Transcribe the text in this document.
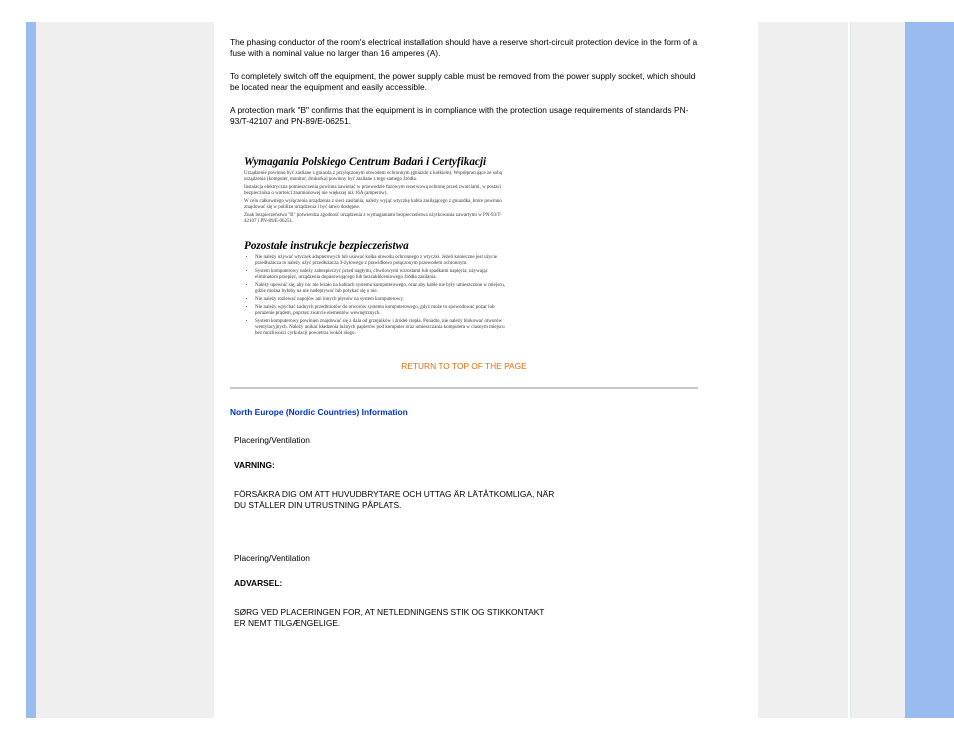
The phasing conductor of the room's electrical installation should have a reserve short-circuit protection device in the form of a fuse with a nominal value no larger than 16 amperes (A).

To completely switch off the equipment, the power supply cable must be removed from the power supply socket, which should be located near the equipment and easily accessible.

A protection mark "B" confirms that the equipment is in compliance with the protection usage requirements of standards PN-93/T-42107 and PN-89/E-06251.

Wymagania Polskiego Centrum Badań i Certyfikacji

Urządzenie powinno być zasilane z gniazda z przyłączonym obwodem ochronnym (gniazdo z kołkiem). Współpracujące ze sobą urządzenia (komputer, monitor, drukarka) powinny być zasilane z tego samego źródła.

Instalacja elektryczna pomieszczenia powinna zawierać w przewodzie fazowym rezerwową ochronę przed zwarciami, w postaci bezpiecznika o wartości znamionowej nie większej niż 16A (amperów).

W celu całkowitego wyłączenia urządzenia z sieci zasilania, należy wyjąć wtyczkę kabla zasilającego z gniazdka, które powinno znajdować się w pobliżu urządzenia i być łatwo dostępne.

Znak bezpieczeństwa "B" potwierdza zgodność urządzenia z wymaganiami bezpieczeństwa użytkowania zawartymi w PN-93/T-42107 i PN-89/E-06251.

Pozostałe instrukcje bezpieczeństwa
• Nie należy używać wtyczek adapterowych lub usuwać kołka obwodu ochronnego z wtyczki. Jeżeli konieczne jest użycie przedłużacza to należy użyć przedłużacza 3-żyłowego z prawidłowo połączonym przewodem ochronnym.
• System komputerowy należy zabezpieczyć przed nagłymi, chwilowymi wzrostami lub spadkami napięcia, używając eliminatora przepięć, urządzenia dopasowującego lub bezzakłóceniowego źródła zasilania.
• Należy upewnić się, aby nic nie leżało na kablach systemu komputerowego, oraz aby kable nie były umieszczone w miejscu, gdzie można byłoby na nie nadeptywać lub potykać się o nie.
• Nie należy rozlewać napojów ani innych płynów na system komputerowy.
• Nie należy wpychać żadnych przedmiotów do otworów systemu komputerowego, gdyż może to spowodować pożar lub porażenie prądem, poprzez zwarcie elementów wewnętrznych.
• System komputerowy powinien znajdować się z dala od grzejników i źródeł ciepła. Ponadto, nie należy blokować otworów wentylacyjnych. Należy unikać kładzenia luźnych papierów pod komputer oraz umieszczania komputera w ciasnym miejscu bez możliwości cyrkulacji powietrza wokół niego.
RETURN TO TOP OF THE PAGE
North Europe (Nordic Countries) Information
Placering/Ventilation
VARNING:
FÖRSÄKRA DIG OM ATT HUVUDBRYTARE OCH UTTAG ÄR LÄTÅTKOMLIGA, NÄR
DU STÄLLER DIN UTRUSTNING PÅPLATS.
Placering/Ventilation
ADVARSEL:
SØRG VED PLACERINGEN FOR, AT NETLEDNINGENS STIK OG STIKKONTAKT
ER NEMT TILGÆNGELIGE.
